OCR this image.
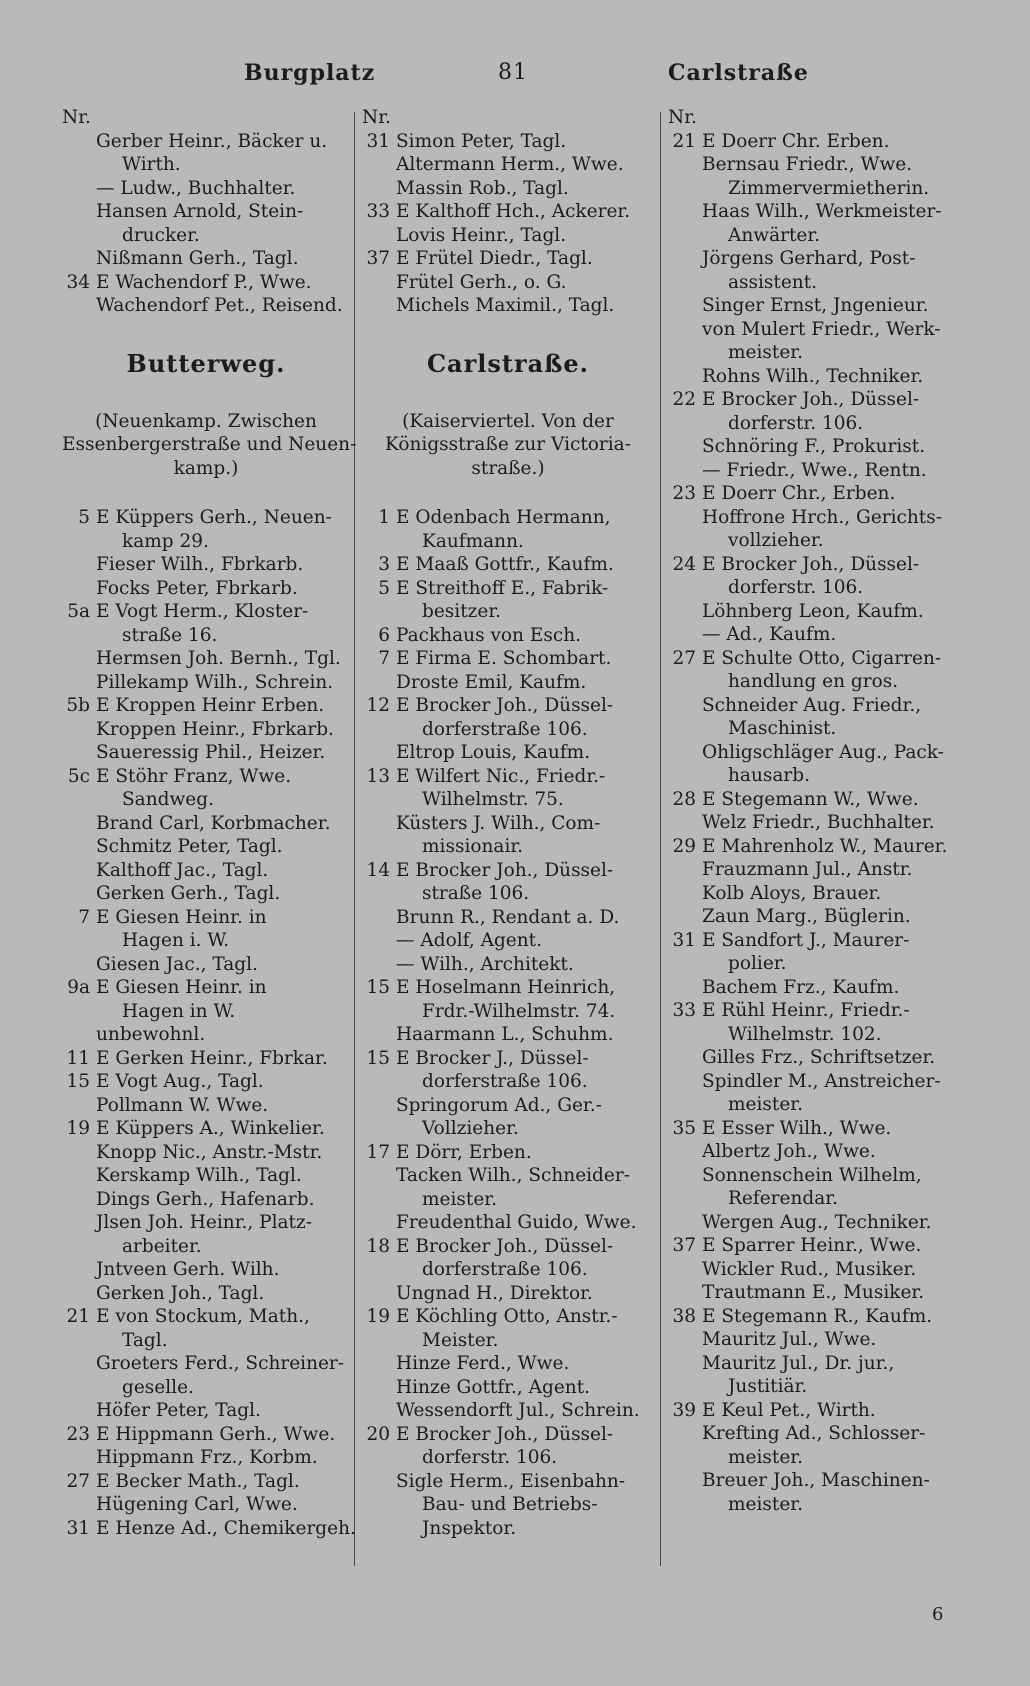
Burgplatz	81	Carlstraße
Nr.
Gerber Heinr., Bäcker u.
Wirth.
— Ludw., Buchhalter.
Hansen Arnold, Stein-
drucker.
Nißmann Gerh., Tagl.
34 E Wachendorf P., Wwe.
Wachendorf Pet., Reisend.
Butterweg.
(Neuenkamp. Zwischen
Essenbergerstraße und Neuen-
kamp.)
5 E Küppers Gerh., Neuen-
kamp 29.
Fieser Wilh., Fbrkarb.
Focks Peter, Fbrkarb.
5a E Vogt Herm., Kloster-
straße 16.
Hermsen Joh. Bernh., Tgl.
Pillekamp Wilh., Schrein.
5b E Kroppen Heinr Erben.
Kroppen Heinr., Fbrkarb.
Saueressig Phil., Heizer.
5c E Stöhr Franz, Wwe.
Sandweg.
Brand Carl, Korbmacher.
Schmitz Peter, Tagl.
Kalthoff Jac., Tagl.
Gerken Gerh., Tagl.
7 E Giesen Heinr. in
Hagen i. W.
Giesen Jac., Tagl.
9a E Giesen Heinr. in
Hagen in W.
unbewohnl.
11 E Gerken Heinr., Fbrkar.
15 E Vogt Aug., Tagl.
Pollmann W. Wwe.
19 E Küppers A., Winkelier.
Knopp Nic., Anstr.-Mstr.
Kerskamp Wilh., Tagl.
Dings Gerh., Hafenarb.
Jlsen Joh. Heinr., Platz-
arbeiter.
Jntveen Gerh. Wilh.
Gerken Joh., Tagl.
21 E von Stockum, Math.,
Tagl.
Groeters Ferd., Schreiner-
geselle.
Höfer Peter, Tagl.
23 E Hippmann Gerh., Wwe.
Hippmann Frz., Korbm.
27 E Becker Math., Tagl.
Hügening Carl, Wwe.
31 E Henze Ad., Chemikergeh.
Nr.
31 Simon Peter, Tagl.
Altermann Herm., Wwe.
Massin Rob., Tagl.
33 E Kalthoff Hch., Ackerer.
Lovis Heinr., Tagl.
37 E Frütel Diedr., Tagl.
Frütel Gerh., o. G.
Michels Maximil., Tagl.
Carlstraße.
(Kaiserviertel. Von der
Königsstraße zur Victoria-
straße.)
1 E Odenbach Hermann,
Kaufmann.
3 E Maaß Gottfr., Kaufm.
5 E Streithoff E., Fabrik-
besitzer.
6 Packhaus von Esch.
7 E Firma E. Schombart.
Droste Emil, Kaufm.
12 E Brocker Joh., Düssel-
dorferstraße 106.
Eltrop Louis, Kaufm.
13 E Wilfert Nic., Friedr.-
Wilhelmstr. 75.
Küsters J. Wilh., Com-
missionair.
14 E Brocker Joh., Düssel-
straße 106.
Brunn R., Rendant a. D.
— Adolf, Agent.
— Wilh., Architekt.
15 E Hoselmann Heinrich,
Frdr.-Wilhelmstr. 74.
Haarmann L., Schuhm.
15 E Brocker J., Düssel-
dorferstraße 106.
Springorum Ad., Ger.-
Vollzieher.
17 E Dörr, Erben.
Tacken Wilh., Schneider-
meister.
Freudenthal Guido, Wwe.
18 E Brocker Joh., Düssel-
dorferstraße 106.
Ungnad H., Direktor.
19 E Köchling Otto, Anstr.-
Meister.
Hinze Ferd., Wwe.
Hinze Gottfr., Agent.
Wessendorft Jul., Schrein.
20 E Brocker Joh., Düssel-
dorferstr. 106.
Sigle Herm., Eisenbahn-
Bau- und Betriebs-
Jnspektor.
Nr.
21 E Doerr Chr. Erben.
Bernsau Friedr., Wwe.
Zimmervermietherin.
Haas Wilh., Werkmeister-
Anwärter.
Jörgens Gerhard, Post-
assistent.
Singer Ernst, Jngenieur.
von Mulert Friedr., Werk-
meister.
Rohns Wilh., Techniker.
22 E Brocker Joh., Düssel-
dorferstr. 106.
Schnöring F., Prokurist.
— Friedr., Wwe., Rentn.
23 E Doerr Chr., Erben.
Hoffrone Hrch., Gerichts-
vollzieher.
24 E Brocker Joh., Düssel-
dorferstr. 106.
Löhnberg Leon, Kaufm.
— Ad., Kaufm.
27 E Schulte Otto, Cigarren-
handlung en gros.
Schneider Aug. Friedr.,
Maschinist.
Ohligschläger Aug., Pack-
hausarb.
28 E Stegemann W., Wwe.
Welz Friedr., Buchhalter.
29 E Mahrenholz W., Maurer.
Frauzmann Jul., Anstr.
Kolb Aloys, Brauer.
Zaun Marg., Büglerin.
31 E Sandfort J., Maurer-
polier.
Bachem Frz., Kaufm.
33 E Rühl Heinr., Friedr.-
Wilhelmstr. 102.
Gilles Frz., Schriftsetzer.
Spindler M., Anstreicher-
meister.
35 E Esser Wilh., Wwe.
Albertz Joh., Wwe.
Sonnenschein Wilhelm,
Referendar.
Wergen Aug., Techniker.
37 E Sparrer Heinr., Wwe.
Wickler Rud., Musiker.
Trautmann E., Musiker.
38 E Stegemann R., Kaufm.
Mauritz Jul., Wwe.
Mauritz Jul., Dr. jur.,
Justitiär.
39 E Keul Pet., Wirth.
Krefting Ad., Schlosser-
meister.
Breuer Joh., Maschinen-
meister.
6
